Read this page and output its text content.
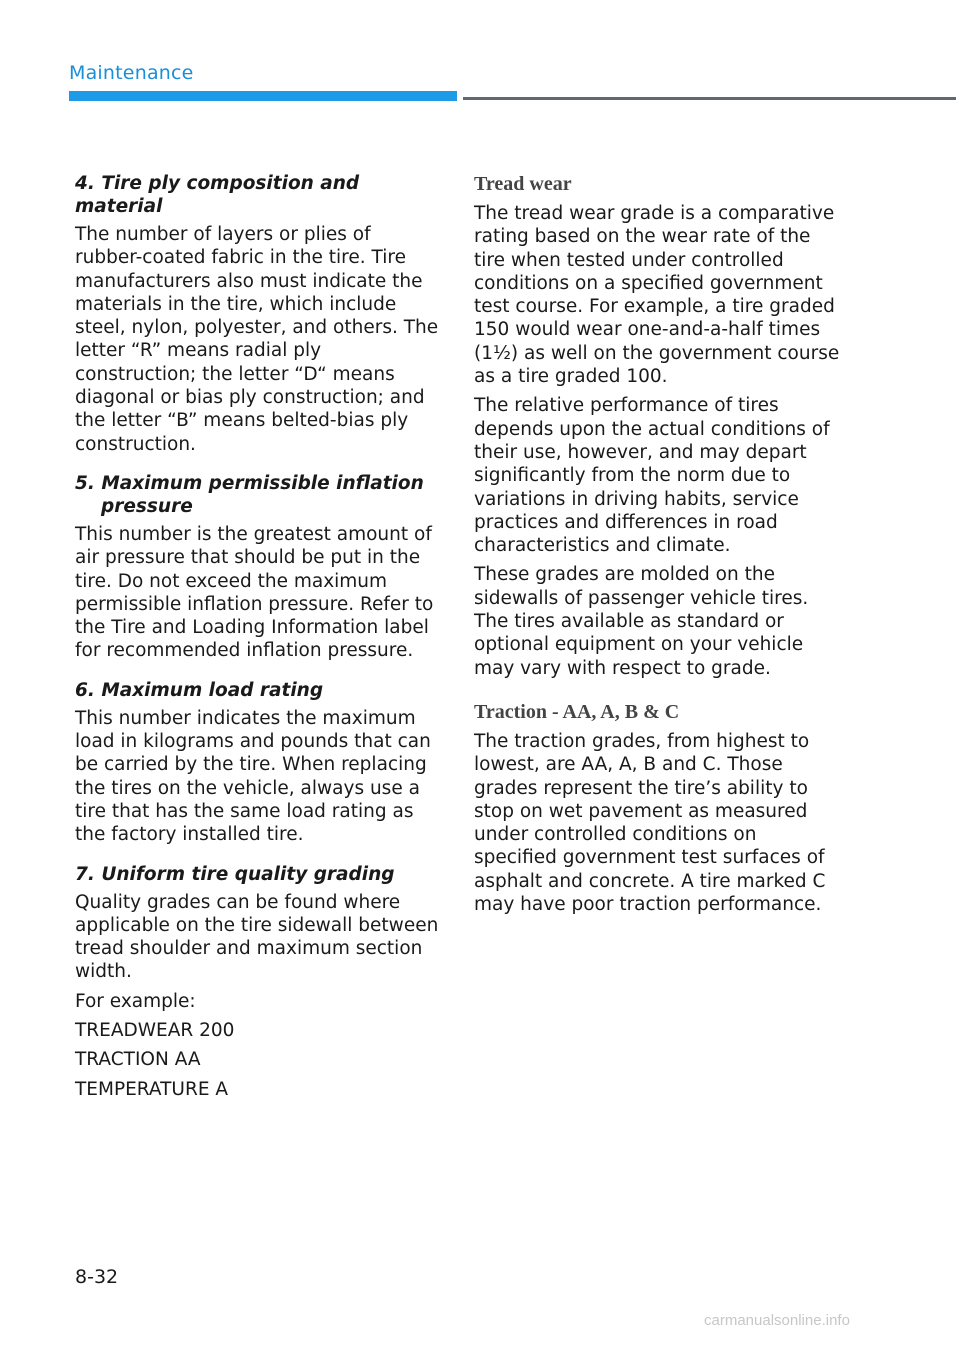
Maintenance
4. Tire ply composition and material

The number of layers or plies of rubber-coated fabric in the tire. Tire manufacturers also must indicate the materials in the tire, which include steel, nylon, polyester, and others. The letter “R” means radial ply construction; the letter “D“ means diagonal or bias ply construction; and the letter “B” means belted-bias ply construction.

5. Maximum permissible inflation pressure

This number is the greatest amount of air pressure that should be put in the tire. Do not exceed the maximum permissible inflation pressure. Refer to the Tire and Loading Information label for recommended inflation pressure.

6. Maximum load rating

This number indicates the maximum load in kilograms and pounds that can be carried by the tire. When replacing the tires on the vehicle, always use a tire that has the same load rating as the factory installed tire.

7. Uniform tire quality grading

Quality grades can be found where applicable on the tire sidewall between tread shoulder and maximum section width.

For example:

TREADWEAR 200

TRACTION AA

TEMPERATURE A

Tread wear

The tread wear grade is a comparative rating based on the wear rate of the tire when tested under controlled conditions on a specified government test course. For example, a tire graded 150 would wear one-and-a-half times (1½) as well on the government course as a tire graded 100.

The relative performance of tires depends upon the actual conditions of their use, however, and may depart significantly from the norm due to variations in driving habits, service practices and differences in road characteristics and climate.

These grades are molded on the sidewalls of passenger vehicle tires. The tires available as standard or optional equipment on your vehicle may vary with respect to grade.

Traction - AA, A, B & C

The traction grades, from highest to lowest, are AA, A, B and C. Those grades represent the tire’s ability to stop on wet pavement as measured under controlled conditions on specified government test surfaces of asphalt and concrete. A tire marked C may have poor traction performance.

8-32
carmanualsonline.info
